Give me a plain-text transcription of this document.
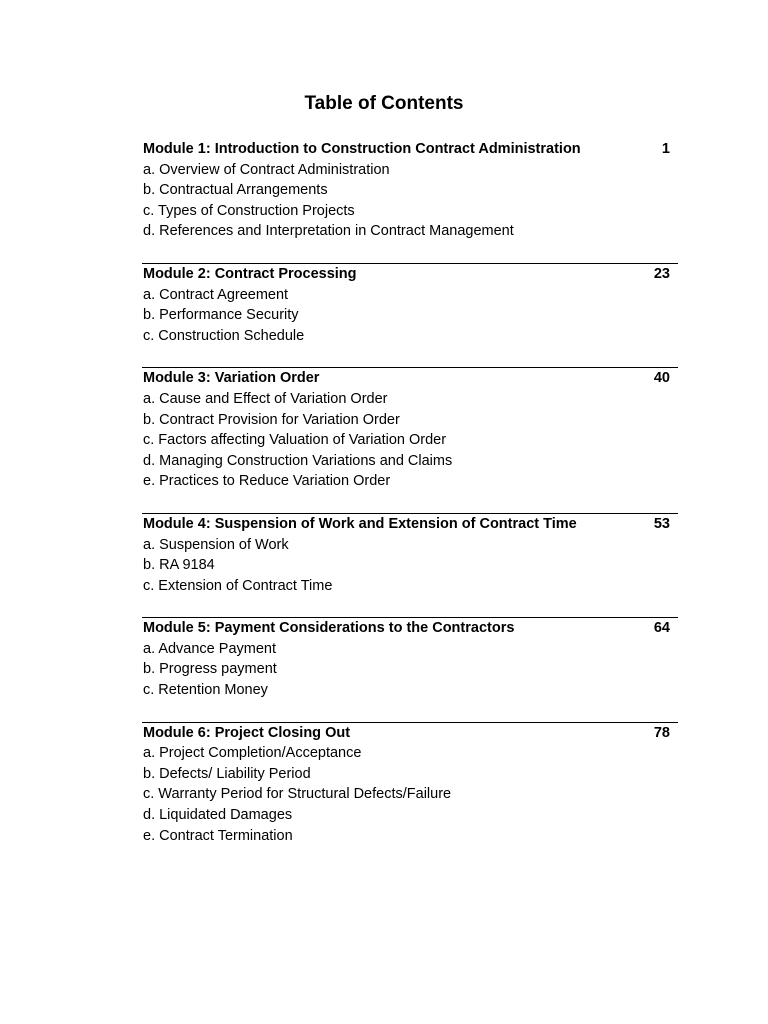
Table of Contents
Module 1: Introduction to Construction Contract Administration	1
a. Overview of Contract Administration
b. Contractual Arrangements
c. Types of Construction Projects
d. References and Interpretation in Contract Management
Module 2: Contract Processing	23
a. Contract Agreement
b. Performance Security
c. Construction Schedule
Module 3: Variation Order	40
a. Cause and Effect of Variation Order
b. Contract Provision for Variation Order
c. Factors affecting Valuation of Variation Order
d. Managing Construction Variations and Claims
e. Practices to Reduce Variation Order
Module 4: Suspension of Work and Extension of Contract Time	53
a. Suspension of Work
b. RA 9184
c. Extension of Contract Time
Module 5: Payment Considerations to the Contractors	64
a. Advance Payment
b. Progress payment
c. Retention Money
Module 6: Project Closing Out	78
a. Project Completion/Acceptance
b. Defects/ Liability Period
c. Warranty Period for Structural Defects/Failure
d. Liquidated Damages
e. Contract Termination
